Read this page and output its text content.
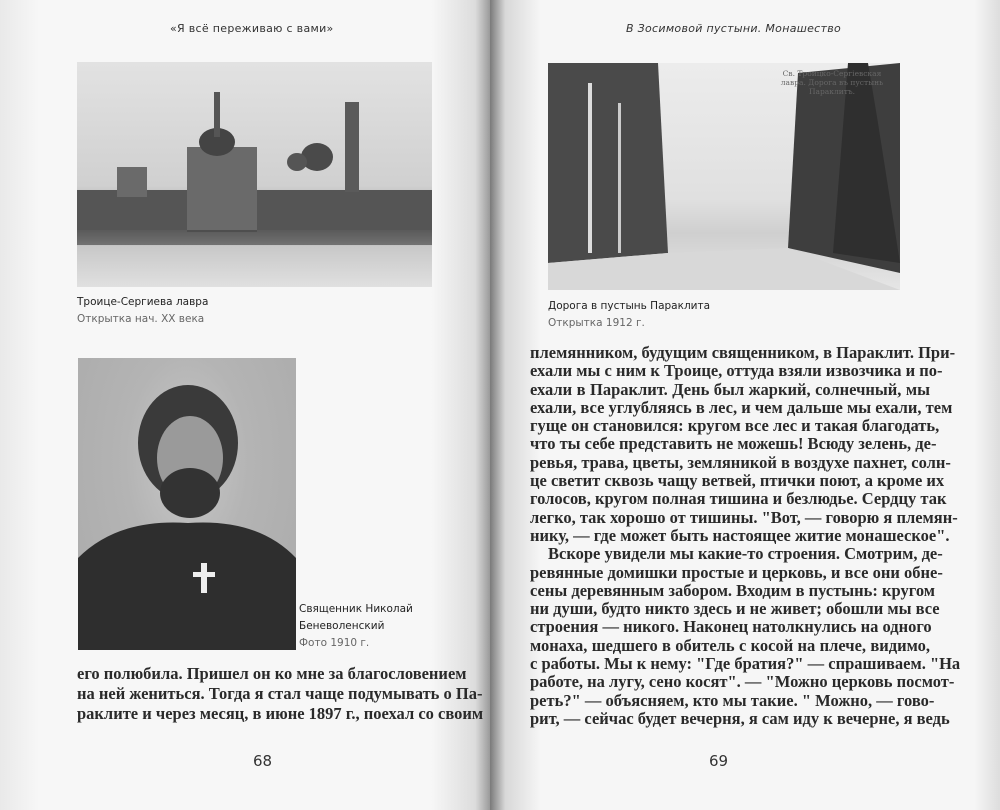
«Я всё переживаю с вами»
Троице-Сергиева лавра
Открытка нач. XX века
Священник Николай
Беневоленский
Фото 1910 г.
его полюбила. Пришел он ко мне за благословением
на ней жениться. Тогда я стал чаще подумывать о Па-
раклите и через месяц, в июне 1897 г., поехал со своим
68
В Зосимовой пустыни. Монашество
Св. Троицко-Сергіевская лавра. Дорога въ пустынь Параклитъ.
Дорога в пустынь Параклита
Открытка 1912 г.
племянником, будущим священником, в Параклит. При-
ехали мы с ним к Троице, оттуда взяли извозчика и по-
ехали в Параклит. День был жаркий, солнечный, мы
ехали, все углубляясь в лес, и чем дальше мы ехали, тем
гуще он становился: кругом все лес и такая благодать,
что ты себе представить не можешь! Всюду зелень, де-
ревья, трава, цветы, земляникой в воздухе пахнет, солн-
це светит сквозь чащу ветвей, птички поют, а кроме их
голосов, кругом полная тишина и безлюдье. Сердцу так
легко, так хорошо от тишины. "Вот, — говорю я племян-
нику, — где может быть настоящее житие монашеское".
Вскоре увидели мы какие-то строения. Смотрим, де-
ревянные домишки простые и церковь, и все они обне-
сены деревянным забором. Входим в пустынь: кругом
ни души, будто никто здесь и не живет; обошли мы все
строения — никого. Наконец натолкнулись на одного
монаха, шедшего в обитель с косой на плече, видимо,
с работы. Мы к нему: "Где братия?" — спрашиваем. "На
работе, на лугу, сено косят". — "Можно церковь посмот-
реть?" — объясняем, кто мы такие. " Можно, — гово-
рит, — сейчас будет вечерня, я сам иду к вечерне, я ведь
69
